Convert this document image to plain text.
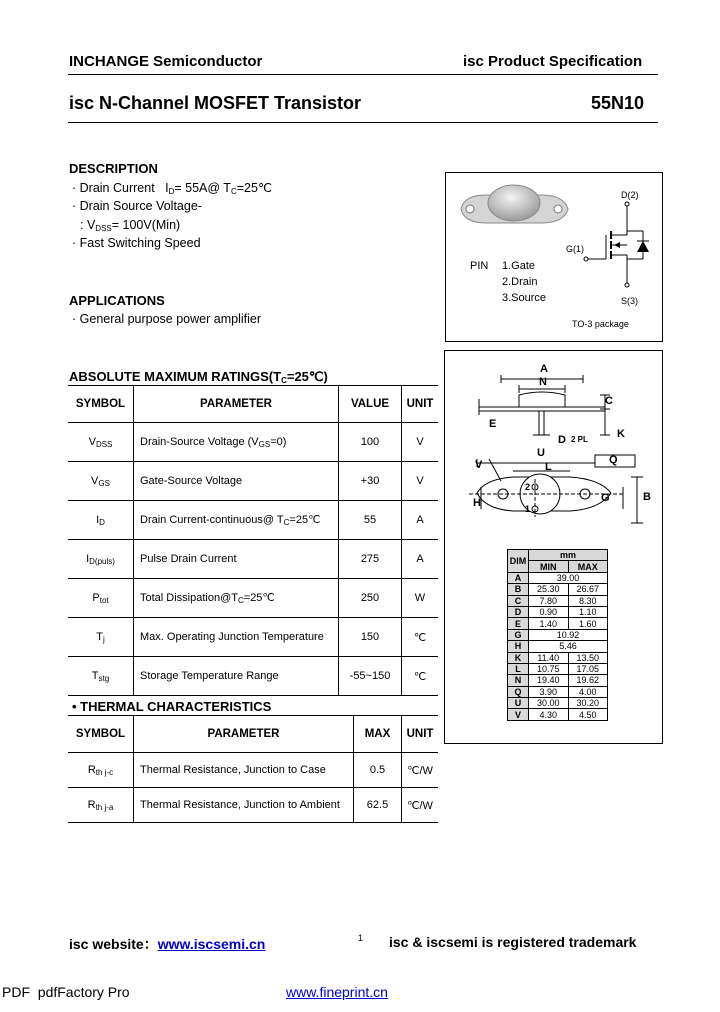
INCHANGE Semiconductor	isc Product Specification
isc N-Channel MOSFET Transistor	55N10
DESCRIPTION
· Drain Current   $I_D=$ 55A@ $T_C=25℃$
· Drain Source Voltage-
: $V_{DSS}= 100V(Min)$
· Fast Switching Speed
APPLICATIONS
· General purpose power amplifier
D(2)
G(1)
S(3)
PIN 1.Gate
2.Drain
3.Source
TO-3 package
ABSOLUTE MAXIMUM $RATINGS(T_C=25℃)$
SYMBOL	PARAMETER	VALUE	UNIT
$V_{DSS}$	Drain-Source Voltage $(V_{GS}=0)$	100	V
$V_{GS}$	Gate-Source Voltage	+30	V
$I_D$	Drain Current-continuous@ $T_C=25℃$	55	A
$I_{D(puls)}$	Pulse Drain Current	275	A
$P_{tot}$	Total $Dissipation@T_C=25℃$	250	W
$T_j$	Max. Operating Junction Temperature	150	℃
$T_{stg}$	Storage Temperature Range	-55~150	℃
• THERMAL CHARACTERISTICS
SYMBOL	PARAMETER	MAX	UNIT
$R_{th j-c}$	Thermal Resistance, Junction to Case	0.5	℃/W
$R_{th j-a}$	Thermal Resistance, Junction to Ambient	62.5	℃/W
A
N
C
E
D 2 PL	K
U
V	L
Q
G	B
H
2
1
DIM	mm	
	MIN	MAX
A	39.00	
B	25.30	26.67
C	7.80	8.30
D	0.90	1.10
E	1.40	1.60
G	10.92	
H	5.46	
K	11.40	13.50
L	10.75	17.05
N	19.40	19.62
Q	3.90	4.00
U	30.00	30.20
V	4.30	4.50
isc website：www.iscsemi.cn	1 isc & iscsemi is registered trademark
PDF pdfFactory Pro	www.fineprint.cn
